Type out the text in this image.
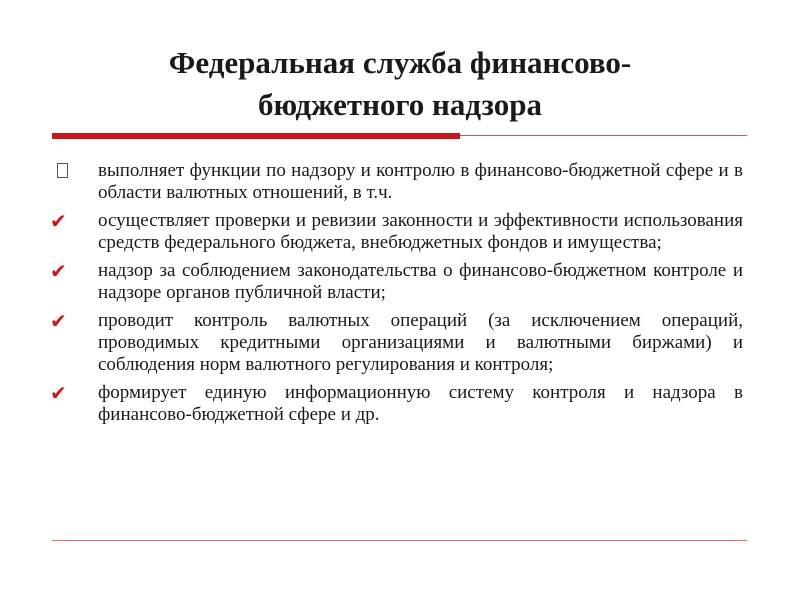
Федеральная служба финансово-
бюджетного надзора
выполняет функции по надзору и контролю в финансово-бюджетной сфере и в области валютных отношений, в т.ч.
✔ осуществляет проверки и ревизии законности и эффективности использования средств федерального бюджета, внебюджетных фондов и имущества;
✔ надзор за соблюдением законодательства о финансово-бюджетном контроле и надзоре органов публичной власти;
✔ проводит контроль валютных операций (за исключением операций, проводимых кредитными организациями и валютными биржами) и соблюдения норм валютного регулирования и контроля;
✔ формирует единую информационную систему контроля и надзора в финансово-бюджетной сфере и др.
